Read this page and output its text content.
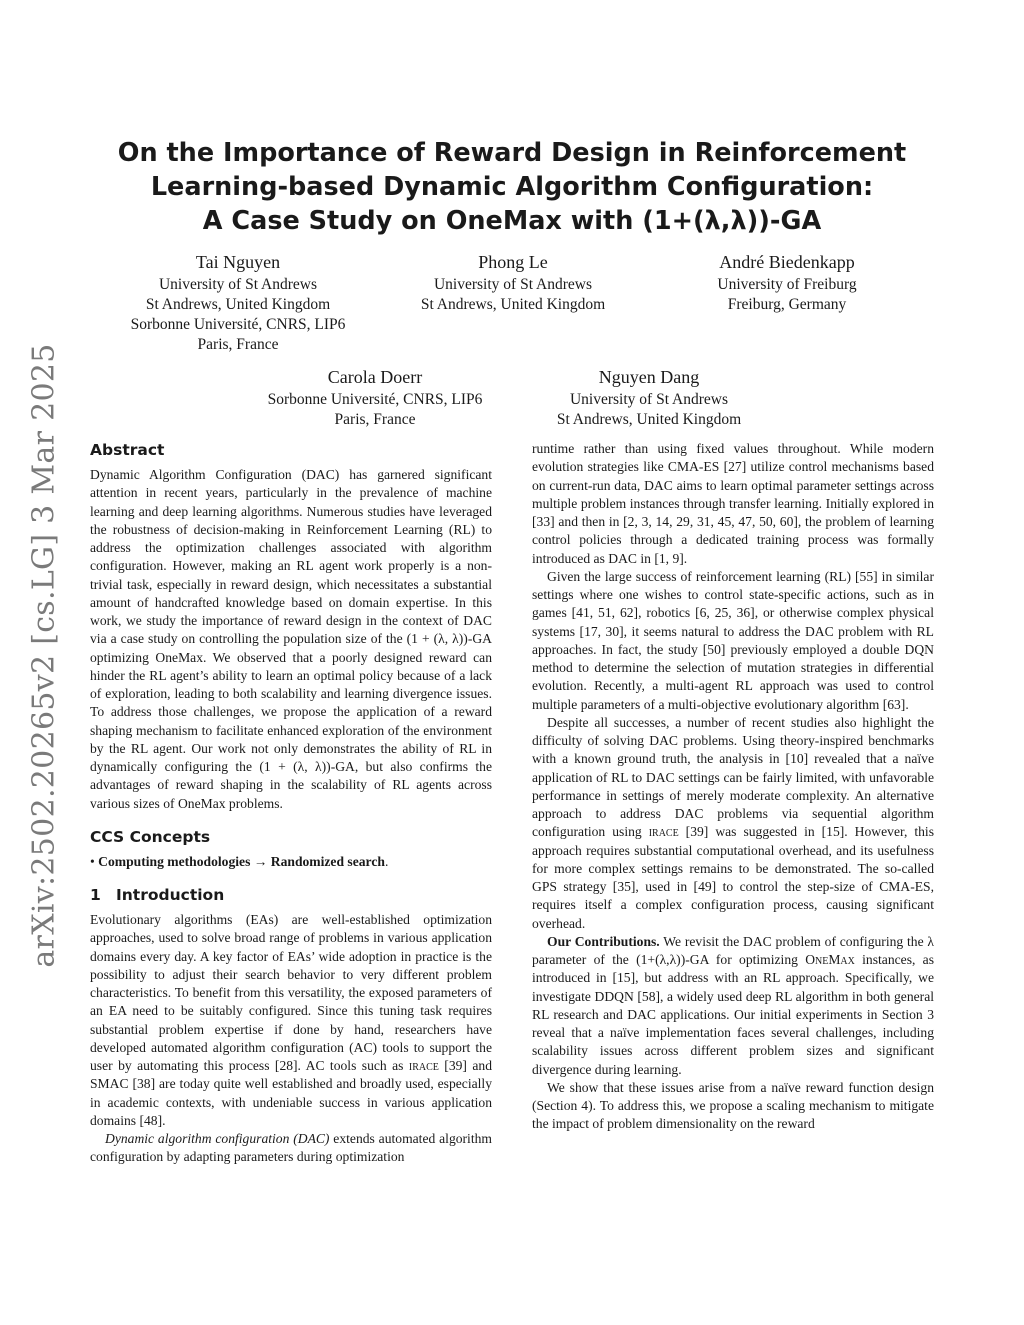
arXiv:2502.20265v2 [cs.LG] 3 Mar 2025
On the Importance of Reward Design in Reinforcement
Learning-based Dynamic Algorithm Configuration:
A Case Study on OneMax with (1+(λ,λ))-GA
Tai Nguyen
University of St Andrews
St Andrews, United Kingdom
Sorbonne Université, CNRS, LIP6
Paris, France
Phong Le
University of St Andrews
St Andrews, United Kingdom
André Biedenkapp
University of Freiburg
Freiburg, Germany
Carola Doerr
Sorbonne Université, CNRS, LIP6
Paris, France
Nguyen Dang
University of St Andrews
St Andrews, United Kingdom
Abstract

Dynamic Algorithm Configuration (DAC) has garnered significant attention in recent years, particularly in the prevalence of machine learning and deep learning algorithms. Numerous studies have leveraged the robustness of decision-making in Reinforcement Learning (RL) to address the optimization challenges associated with algorithm configuration. However, making an RL agent work properly is a non-trivial task, especially in reward design, which necessitates a substantial amount of handcrafted knowledge based on domain expertise. In this work, we study the importance of reward design in the context of DAC via a case study on controlling the population size of the (1 + (λ, λ))-GA optimizing OneMax. We observed that a poorly designed reward can hinder the RL agent’s ability to learn an optimal policy because of a lack of exploration, leading to both scalability and learning divergence issues. To address those challenges, we propose the application of a reward shaping mechanism to facilitate enhanced exploration of the environment by the RL agent. Our work not only demonstrates the ability of RL in dynamically configuring the (1 + (λ, λ))-GA, but also confirms the advantages of reward shaping in the scalability of RL agents across various sizes of OneMax problems.

CCS Concepts

• Computing methodologies → Randomized search.

1 Introduction

Evolutionary algorithms (EAs) are well-established optimization approaches, used to solve broad range of problems in various application domains every day. A key factor of EAs’ wide adoption in practice is the possibility to adjust their search behavior to very different problem characteristics. To benefit from this versatility, the exposed parameters of an EA need to be suitably configured. Since this tuning task requires substantial problem expertise if done by hand, researchers have developed automated algorithm configuration (AC) tools to support the user by automating this process [28]. AC tools such as irace [39] and SMAC [38] are today quite well established and broadly used, especially in academic contexts, with undeniable success in various application domains [48].

Dynamic algorithm configuration (DAC) extends automated algorithm configuration by adapting parameters during optimization

runtime rather than using fixed values throughout. While modern evolution strategies like CMA-ES [27] utilize control mechanisms based on current-run data, DAC aims to learn optimal parameter settings across multiple problem instances through transfer learning. Initially explored in [33] and then in [2, 3, 14, 29, 31, 45, 47, 50, 60], the problem of learning control policies through a dedicated training process was formally introduced as DAC in [1, 9].

Given the large success of reinforcement learning (RL) [55] in similar settings where one wishes to control state-specific actions, such as in games [41, 51, 62], robotics [6, 25, 36], or otherwise complex physical systems [17, 30], it seems natural to address the DAC problem with RL approaches. In fact, the study [50] previously employed a double DQN method to determine the selection of mutation strategies in differential evolution. Recently, a multi-agent RL approach was used to control multiple parameters of a multi-objective evolutionary algorithm [63].

Despite all successes, a number of recent studies also highlight the difficulty of solving DAC problems. Using theory-inspired benchmarks with a known ground truth, the analysis in [10] revealed that a naïve application of RL to DAC settings can be fairly limited, with unfavorable performance in settings of merely moderate complexity. An alternative approach to address DAC problems via sequential algorithm configuration using irace [39] was suggested in [15]. However, this approach requires substantial computational overhead, and its usefulness for more complex settings remains to be demonstrated. The so-called GPS strategy [35], used in [49] to control the step-size of CMA-ES, requires itself a complex configuration process, causing significant overhead.

Our Contributions. We revisit the DAC problem of configuring the λ parameter of the (1+(λ,λ))-GA for optimizing OneMax instances, as introduced in [15], but address with an RL approach. Specifically, we investigate DDQN [58], a widely used deep RL algorithm in both general RL research and DAC applications. Our initial experiments in Section 3 reveal that a naïve implementation faces several challenges, including scalability issues across different problem sizes and significant divergence during learning.

We show that these issues arise from a naïve reward function design (Section 4). To address this, we propose a scaling mechanism to mitigate the impact of problem dimensionality on the reward
